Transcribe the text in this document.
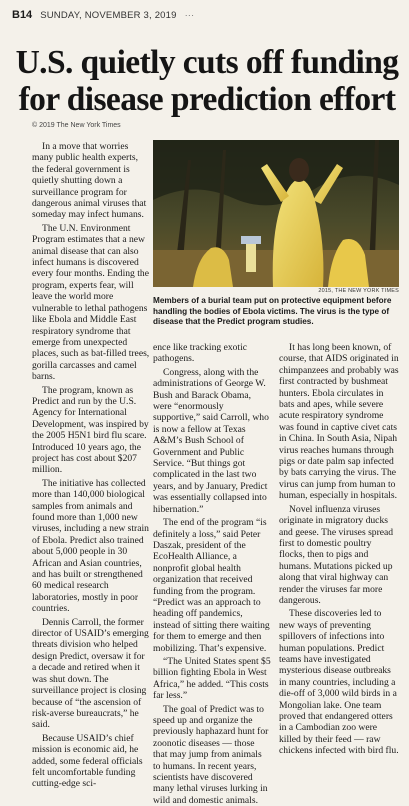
B14 SUNDAY, NOVEMBER 3, 2019 ···
U.S. quietly cuts off funding for disease prediction effort
© 2019 The New York Times
2015, THE NEW YORK TIMES
Members of a burial team put on protective equipment before handling the bodies of Ebola victims. The virus is the type of disease that the Predict program studies.

In a move that worries many public health experts, the federal government is quietly shutting down a surveillance program for dangerous animal viruses that someday may infect humans.

The U.N. Environment Program estimates that a new animal disease that can also infect humans is discovered every four months. Ending the program, experts fear, will leave the world more vulnerable to lethal pathogens like Ebola and Middle East respiratory syndrome that emerge from unexpected places, such as bat-filled trees, gorilla carcasses and camel barns.

The program, known as Predict and run by the U.S. Agency for International Development, was inspired by the 2005 H5N1 bird flu scare. Introduced 10 years ago, the project has cost about $207 million.

The initiative has collected more than 140,000 biological samples from animals and found more than 1,000 new viruses, including a new strain of Ebola. Predict also trained about 5,000 people in 30 African and Asian countries, and has built or strengthened 60 medical research laboratories, mostly in poor countries.

Dennis Carroll, the former director of USAID’s emerging threats division who helped design Predict, oversaw it for a decade and retired when it was shut down. The surveillance project is closing because of “the ascension of risk-averse bureaucrats,” he said.

Because USAID’s chief mission is economic aid, he added, some federal officials felt uncomfortable funding cutting-edge sci-

ence like tracking exotic pathogens.

Congress, along with the administrations of George W. Bush and Barack Obama, were “enormously supportive,” said Carroll, who is now a fellow at Texas A&M’s Bush School of Government and Public Service. “But things got complicated in the last two years, and by January, Predict was essentially collapsed into hibernation.”

The end of the program “is definitely a loss,” said Peter Daszak, president of the EcoHealth Alliance, a nonprofit global health organization that received funding from the program. “Predict was an approach to heading off pandemics, instead of sitting there waiting for them to emerge and then mobilizing. That’s expensive.

“The United States spent $5 billion fighting Ebola in West Africa,” he added. “This costs far less.”

The goal of Predict was to speed up and organize the previously haphazard hunt for zoonotic diseases — those that may jump from animals to humans. In recent years, scientists have discovered many lethal viruses lurking in wild and domestic animals.

It has long been known, of course, that AIDS originated in chimpanzees and probably was first contracted by bushmeat hunters. Ebola circulates in bats and apes, while severe acute respiratory syndrome was found in captive civet cats in China. In South Asia, Nipah virus reaches humans through pigs or date palm sap infected by bats carrying the virus. The virus can jump from human to human, especially in hospitals.

Novel influenza viruses originate in migratory ducks and geese. The viruses spread first to domestic poultry flocks, then to pigs and humans. Mutations picked up along that viral highway can render the viruses far more dangerous.

These discoveries led to new ways of preventing spillovers of infections into human populations. Predict teams have investigated mysterious disease outbreaks in many countries, including a die-off of 3,000 wild birds in a Mongolian lake. One team proved that endangered otters in a Cambodian zoo were killed by their feed — raw chickens infected with bird flu.
